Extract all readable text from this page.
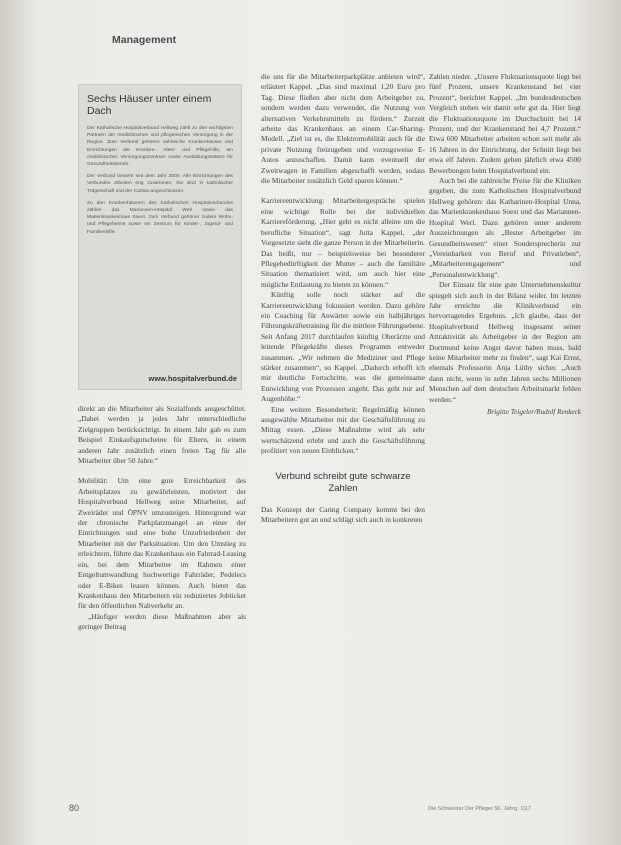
Management
Sechs Häuser unter einem Dach

Der Katholische Hospitalverbund Hellweg zählt zu den wichtigsten Partnern der medizinischen und pflegerischen Versorgung in der Region. Zum Verbund gehören zahlreiche Krankenhäuser und Einrichtungen der Kranken-, Alten- und Pflegehilfe, ein medizinisches Versorgungszentrum sowie Ausbildungsstätten für Gesundheitsberufe.

Der Verbund besteht seit dem Jahr 2000. Alle Einrichtungen des Verbundes arbeiten eng zusammen. Sie sind in katholischer Trägerschaft und der Caritas angeschlossen.

Zu den Krankenhäusern des Katholischen Hospitalverbundes zählen das Mariannen-Hospital Werl sowie das Marienkrankenhaus Soest. Zum Verbund gehören zudem Wohn- und Pflegeheime sowie ein Zentrum für Kinder-, Jugend- und Familienhilfe.

www.hospitalverbund.de

direkt an die Mitarbeiter als Sozialfonds ausgeschüttet. „Dabei werden ja jedes Jahr unterschiedliche Zielgruppen berücksichtigt. In einem Jahr gab es zum Beispiel Einkaufsgutscheine für Eltern, in einem anderen Jahr zusätzlich einen freien Tag für alle Mitarbeiter über 50 Jahre.“

Mobilität: Um eine gute Erreichbarkeit des Arbeitsplatzes zu gewährleisten, motiviert der Hospitalverbund Hellweg seine Mitarbeiter, auf Zweiräder und ÖPNV umzusteigen. Hintergrund war der chronische Parkplatzmangel an einer der Einrichtungen und eine hohe Unzufriedenheit der Mitarbeiter mit der Parksituation. Um den Umstieg zu erleichtern, führte das Krankenhaus ein Fahrrad-Leasing ein, bei dem Mitarbeiter im Rahmen einer Entgeltumwandlung hochwertige Fahrräder, Pedelecs oder E-Bikes leasen können. Auch bietet das Krankenhaus den Mitarbeitern ein reduziertes Jobticket für den öffentlichen Nahverkehr an.

„Häufiger werden diese Maßnahmen aber als geringer Beitrag

die uns für die Mitarbeiterparkplätze anbieten wird“, erläutert Kappel. „Das sind maximal 1,20 Euro pro Tag. Diese fließen aber nicht dem Arbeitgeber zu, sondern werden dazu verwendet, die Nutzung von alternativen Verkehrsmitteln zu fördern.“ Zurzeit arbeite das Krankenhaus an einem Car-Sharing-Modell. „Ziel ist es, die Elektromobilität auch für die private Nutzung freizugeben und vorzugsweise E-Autos anzuschaffen. Damit kann eventuell der Zweitwagen in Familien abgeschafft werden, sodass die Mitarbeiter zusätzlich Geld sparen können.“

Karriereentwicklung: Mitarbeitergespräche spielen eine wichtige Rolle bei der individuellen Karriereförderung. „Hier geht es nicht alleine um die berufliche Situation“, sagt Jutta Kappel, „der Vorgesetzte sieht die ganze Person in der Mitarbeiterin. Das heißt, nur – beispielsweise bei besonderer Pflegebedürftigkeit der Mutter – auch die familiäre Situation thematisiert wird, um auch hier eine mögliche Entlastung zu bieten zu können.“

Künftig solle noch stärker auf die Karriereentwicklung fokussiert werden. Dazu gehöre ein Coaching für Anwärter sowie ein halbjähriges Führungskräftetraining für die mittlere Führungsebene. Seit Anfang 2017 durchlaufen künftig Oberärzte und leitende Pflegekräfte dieses Programm entweder zusammen. „Wir nehmen die Mediziner und Pflege stärker zusammen“, so Kappel. „Dadurch erhofft ich mir deutliche Fortschritte, was die gemeinsame Entwicklung von Prozessen angeht. Das geht nur auf Augenhöhe.“

Eine weitere Besonderheit: Regelmäßig können ausgewählte Mitarbeiter mit der Geschäftsführung zu Mittag essen. „Diese Maßnahme wird als sehr wertschätzend erlebt und auch die Geschäftsführung profitiert von neuen Einblicken.“

Verbund schreibt gute schwarze Zahlen

Das Konzept der Caring Company kommt bei den Mitarbeitern gut an und schlägt sich auch in konkreten

Zahlen nieder. „Unsere Fluktuationsquote liegt bei fünf Prozent, unsere Krankenstand bei vier Prozent“, berichtet Kappel. „Im bundesdeutschen Vergleich stehen wir damit sehr gut da. Hier liegt die Fluktuationsquote im Durchschnitt bei 14 Prozent, und der Krankenstand bei 4,7 Prozent.“ Etwa 600 Mitarbeiter arbeiten schon seit mehr als 16 Jahren in der Einrichtung, der Schnitt liegt bei etwa elf Jahren. Zudem gehen jährlich etwa 4500 Bewerbungen beim Hospitalverbund ein.

Auch bei die zahlreiche Preise für die Kliniken gegeben, die zum Katholischen Hospitalverbund Hellweg gehören: das Katharinen-Hospital Unna, das Marienkrankenhaus Soest und das Mariannen-Hospital Werl. Dazu gehören unter anderem Auszeichnungen als „Bester Arbeitgeber im Gesundheitswesen“ einer Sondersprecherin zur „Vereinbarkeit von Beruf und Privatleben“, „Mitarbeiterengagement“ und „Personalentwicklung“.

Der Einsatz für eine gute Unternehmenskultur spiegelt sich auch in der Bilanz wider. Im letzten Jahr erreichte die Klinikverbund ein hervorragendes Ergebnis. „Ich glaube, dass der Hospitalverbund Hellweg insgesamt seiner Attraktivität als Arbeitgeber in der Region am Dortmund keine Angst davor haben muss, bald keine Mitarbeiter mehr zu finden“, sagt Kai Ernst, ehemals Professorin Anja Lüthy sicher. „Auch dann nicht, wenn in zehn Jahren sechs Millionen Menschen auf dem deutschen Arbeitsmarkt fehlen werden.“

Brigitte Teigeler/Rudolf Renkeck
80	Die Schwester Der Pfleger 56. Jahrg. 1|17
